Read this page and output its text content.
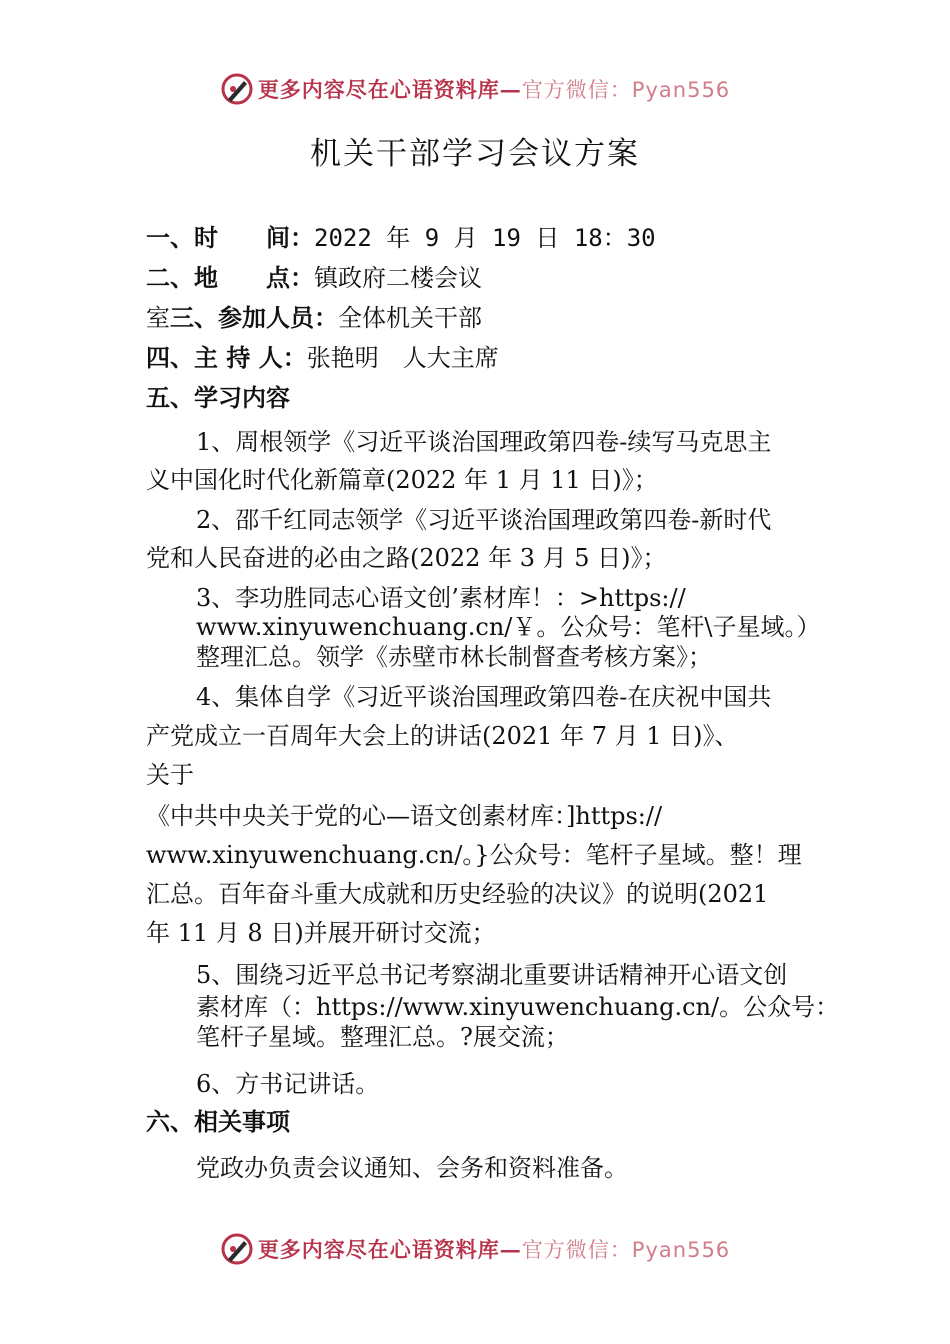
更多内容尽在心语资料库— 官方微信：Pyan556
机关干部学习会议方案
一、时　　间：2022 年 9 月 19 日 18：30
二、地　　点：镇政府二楼会议
室三、参加人员：全体机关干部
四、主 持 人：张艳明　人大主席
五、学习内容
1、周根领学《习近平谈治国理政第四卷-续写马克思主
义中国化时代化新篇章(2022 年 1 月 11 日)》；
2、邵千红同志领学《习近平谈治国理政第四卷-新时代
党和人民奋进的必由之路(2022 年 3 月 5 日)》；
3、李功胜同志心语文创’素材库！：>https://
www.xinyuwenchuang.cn/￥。公众号：笔杆\子星域。）
整理汇总。领学《赤壁市林长制督查考核方案》；
4、集体自学《习近平谈治国理政第四卷-在庆祝中国共
产党成立一百周年大会上的讲话(2021 年 7 月 1 日)》、
关于
《中共中央关于党的心—语文创素材库：]https://
www.xinyuwenchuang.cn/。}公众号：笔杆子星域。整！理
汇总。百年奋斗重大成就和历史经验的决议》的说明(2021
年 11 月 8 日)并展开研讨交流；
5、围绕习近平总书记考察湖北重要讲话精神开心语文创
素材库（：https://www.xinyuwenchuang.cn/。公众号：
笔杆子星域。整理汇总。?展交流；
6、方书记讲话。
六、相关事项
党政办负责会议通知、会务和资料准备。
更多内容尽在心语资料库— 官方微信：Pyan556
